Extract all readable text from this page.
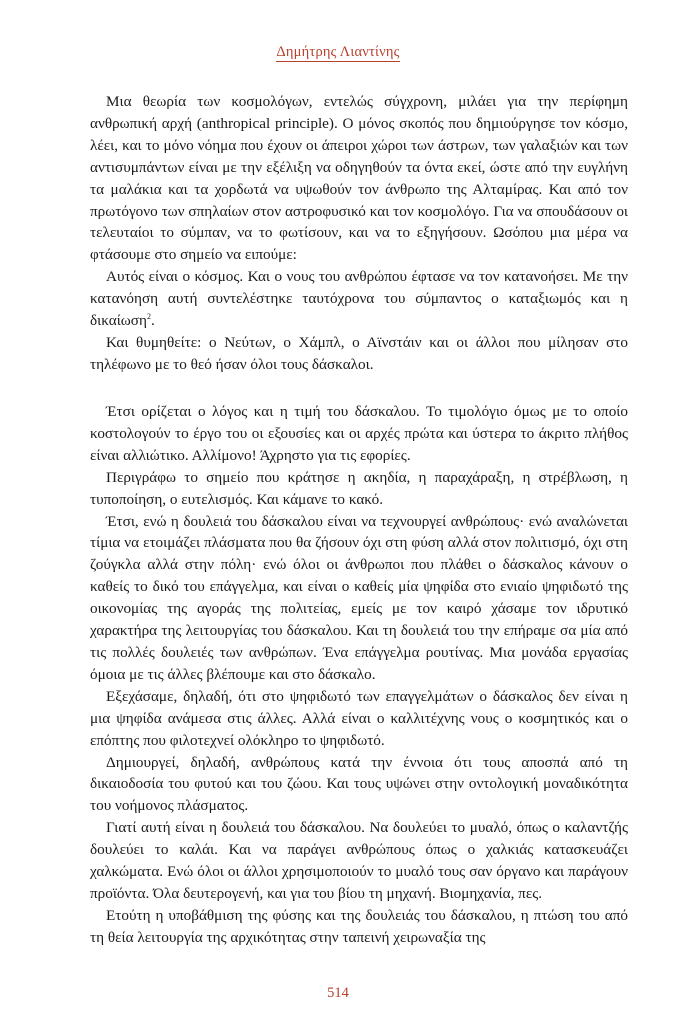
Δημήτρης Λιαντίνης

Μια θεωρία των κοσμολόγων, εντελώς σύγχρονη, μιλάει για την περίφημη ανθρωπική αρχή (anthropical principle). Ο μόνος σκοπός που δημιούργησε τον κόσμο, λέει, και το μόνο νόημα που έχουν οι άπειροι χώροι των άστρων, των γαλαξιών και των αντισυμπάντων είναι με την εξέλιξη να οδηγηθούν τα όντα εκεί, ώστε από την ευγλήνη τα μαλάκια και τα χορδωτά να υψωθούν τον άνθρωπο της Αλταμίρας. Και από τον πρωτόγονο των σπηλαίων στον αστροφυσικό και τον κοσμολόγο. Για να σπουδάσουν οι τελευταίοι το σύμπαν, να το φωτίσουν, και να το εξηγήσουν. Ωσόπου μια μέρα να φτάσουμε στο σημείο να ειπούμε:

Αυτός είναι ο κόσμος. Και ο νους του ανθρώπου έφτασε να τον κατανοήσει. Με την κατανόηση αυτή συντελέστηκε ταυτόχρονα του σύμπαντος ο καταξιωμός και η δικαίωση$^2$.

Και θυμηθείτε: ο Νεύτων, ο Χάμπλ, ο Αϊνστάιν και οι άλλοι που μίλησαν στο τηλέφωνο με το θεό ήσαν όλοι τους δάσκαλοι.

Έτσι ορίζεται ο λόγος και η τιμή του δάσκαλου. Το τιμολόγιο όμως με το οποίο κοστολογούν το έργο του οι εξουσίες και οι αρχές πρώτα και ύστερα το άκριτο πλήθος είναι αλλιώτικο. Αλλίμονο! Άχρηστο για τις εφορίες.

Περιγράφω το σημείο που κράτησε η ακηδία, η παραχάραξη, η στρέβλωση, η τυποποίηση, ο ευτελισμός. Και κάμανε το κακό.

Έτσι, ενώ η δουλειά του δάσκαλου είναι να τεχνουργεί ανθρώπους· ενώ αναλώνεται τίμια να ετοιμάζει πλάσματα που θα ζήσουν όχι στη φύση αλλά στον πολιτισμό, όχι στη ζούγκλα αλλά στην πόλη· ενώ όλοι οι άνθρωποι που πλάθει ο δάσκαλος κάνουν ο καθείς το δικό του επάγγελμα, και είναι ο καθείς μία ψηφίδα στο ενιαίο ψηφιδωτό της οικονομίας της αγοράς της πολιτείας, εμείς με τον καιρό χάσαμε τον ιδρυτικό χαρακτήρα της λειτουργίας του δάσκαλου. Και τη δουλειά του την επήραμε σα μία από τις πολλές δουλειές των ανθρώπων. Ένα επάγγελμα ρουτίνας. Μια μονάδα εργασίας όμοια με τις άλλες βλέπουμε και στο δάσκαλο.

Εξεχάσαμε, δηλαδή, ότι στο ψηφιδωτό των επαγγελμάτων ο δάσκαλος δεν είναι η μια ψηφίδα ανάμεσα στις άλλες. Αλλά είναι ο καλλιτέχνης νους ο κοσμητικός και ο επόπτης που φιλοτεχνεί ολόκληρο το ψηφιδωτό.

Δημιουργεί, δηλαδή, ανθρώπους κατά την έννοια ότι τους αποσπά από τη δικαιοδοσία του φυτού και του ζώου. Και τους υψώνει στην οντολογική μοναδικότητα του νοήμονος πλάσματος.

Γιατί αυτή είναι η δουλειά του δάσκαλου. Να δουλεύει το μυαλό, όπως ο καλαντζής δουλεύει το καλάι. Και να παράγει ανθρώπους όπως ο χαλκιάς κατασκευάζει χαλκώματα. Ενώ όλοι οι άλλοι χρησιμοποιούν το μυαλό τους σαν όργανο και παράγουν προϊόντα. Όλα δευτερογενή, και για του βίου τη μηχανή. Βιομηχανία, πες.

Ετούτη η υποβάθμιση της φύσης και της δουλειάς του δάσκαλου, η πτώση του από τη θεία λειτουργία της αρχικότητας στην ταπεινή χειρωναξία της

514
